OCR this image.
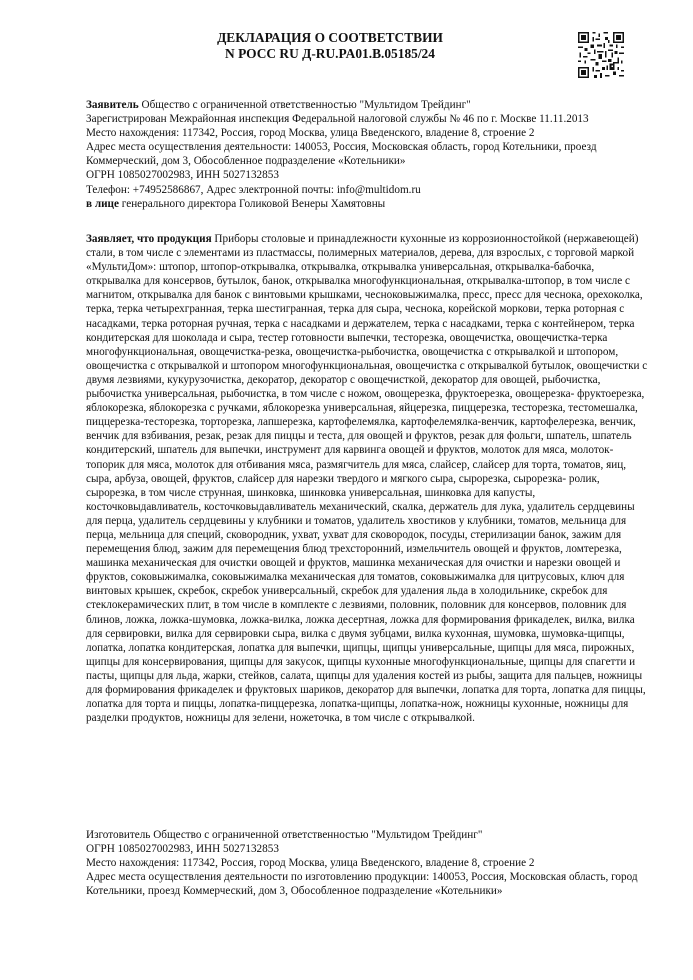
ДЕКЛАРАЦИЯ О СООТВЕТСТВИИ
N РОСС RU Д-RU.PA01.B.05185/24

Заявитель Общество с ограниченной ответственностью "Мультидом Трейдинг"

Зарегистрирован Межрайонная инспекция Федеральной налоговой службы № 46 по г. Москве 11.11.2013

Место нахождения: 117342, Россия, город Москва, улица Введенского, владение 8, строение 2

Адрес места осуществления деятельности: 140053, Россия, Московская область, город Котельники, проезд Коммерческий, дом 3, Обособленное подразделение «Котельники»

ОГРН 1085027002983, ИНН 5027132853

Телефон: +74952586867, Адрес электронной почты: info@multidom.ru

в лице генерального директора Голиковой Венеры Хамятовны

Заявляет, что продукция Приборы столовые и принадлежности кухонные из коррозионностойкой (нержавеющей) стали, в том числе с элементами из пластмассы, полимерных материалов, дерева, для взрослых, с торговой маркой «МультиДом»: штопор, штопор-открывалка, открывалка, открывалка универсальная, открывалка-бабочка, открывалка для консервов, бутылок, банок, открывалка многофункциональная, открывалка-штопор, в том числе с магнитом, открывалка для банок с винтовыми крышками, чесноковыжималка, пресс, пресс для чеснока, орехоколка, терка, терка четырехгранная, терка шестигранная, терка для сыра, чеснока, корейской моркови, терка роторная с насадками, терка роторная ручная, терка с насадками и держателем, терка с насадками, терка с контейнером, терка кондитерская для шоколада и сыра, тестер готовности выпечки, тесторезка, овощечистка, овощечистка-терка многофункциональная, овощечистка-резка, овощечистка-рыбочистка, овощечистка с открывалкой и штопором, овощечистка с открывалкой и штопором многофункциональная, овощечистка с открывалкой бутылок, овощечистки с двумя лезвиями, кукурузочистка, декоратор, декоратор с овощечисткой, декоратор для овощей, рыбочистка, рыбочистка универсальная, рыбочистка, в том числе с ножом, овощерезка, фруктоерезка, овощерезка- фруктоерезка, яблокорезка, яблокорезка с ручками, яблокорезка универсальная, яйцерезка, пиццерезка, тесторезка, тестомешалка, пиццерезка-тесторезка, торторезка, лапшерезка, картофелемялка, картофелемялка-венчик, картофелерезка, венчик, венчик для взбивания, резак, резак для пиццы и теста, для овощей и фруктов, резак для фольги, шпатель, шпатель кондитерский, шпатель для выпечки, инструмент для карвинга овощей и фруктов, молоток для мяса, молоток-топорик для мяса, молоток для отбивания мяса, размягчитель для мяса, слайсер, слайсер для торта, томатов, яиц, сыра, арбуза, овощей, фруктов, слайсер для нарезки твердого и мягкого сыра, сырорезка, сырорезка- ролик, сырорезка, в том числе струнная, шинковка, шинковка универсальная, шинковка для капусты, косточковыдавливатель, косточковыдавливатель механический, скалка, держатель для лука, удалитель сердцевины для перца, удалитель сердцевины у клубники и томатов, удалитель хвостиков у клубники, томатов, мельница для перца, мельница для специй, сковородник, ухват, ухват для сковородок, посуды, стерилизации банок, зажим для перемещения блюд, зажим для перемещения блюд трехсторонний, измельчитель овощей и фруктов, ломтерезка, машинка механическая для очистки овощей и фруктов, машинка механическая для очистки и нарезки овощей и фруктов, соковыжималка, соковыжималка механическая для томатов, соковыжималка для цитрусовых, ключ для винтовых крышек, скребок, скребок универсальный, скребок для удаления льда в холодильнике, скребок для стеклокерамических плит, в том числе в комплекте с лезвиями, половник, половник для консервов, половник для блинов, ложка, ложка-шумовка, ложка-вилка, ложка десертная, ложка для формирования фрикаделек, вилка, вилка для сервировки, вилка для сервировки сыра, вилка с двумя зубцами, вилка кухонная, шумовка, шумовка-щипцы, лопатка, лопатка кондитерская, лопатка для выпечки, щипцы, щипцы универсальные, щипцы для мяса, пирожных, щипцы для консервирования, щипцы для закусок, щипцы кухонные многофункциональные, щипцы для спагетти и пасты, щипцы для льда, жарки, стейков, салата, щипцы для удаления костей из рыбы, защита для пальцев, ножницы для формирования фрикаделек и фруктовых шариков, декоратор для выпечки, лопатка для торта, лопатка для пиццы, лопатка для торта и пиццы, лопатка-пиццерезка, лопатка-щипцы, лопатка-нож, ножницы кухонные, ножницы для разделки продуктов, ножницы для зелени, ножеточка, в том числе с открывалкой.

Изготовитель Общество с ограниченной ответственностью "Мультидом Трейдинг"

ОГРН 1085027002983, ИНН 5027132853

Место нахождения: 117342, Россия, город Москва, улица Введенского, владение 8, строение 2

Адрес места осуществления деятельности по изготовлению продукции: 140053, Россия, Московская область, город Котельники, проезд Коммерческий, дом 3, Обособленное подразделение «Котельники»
